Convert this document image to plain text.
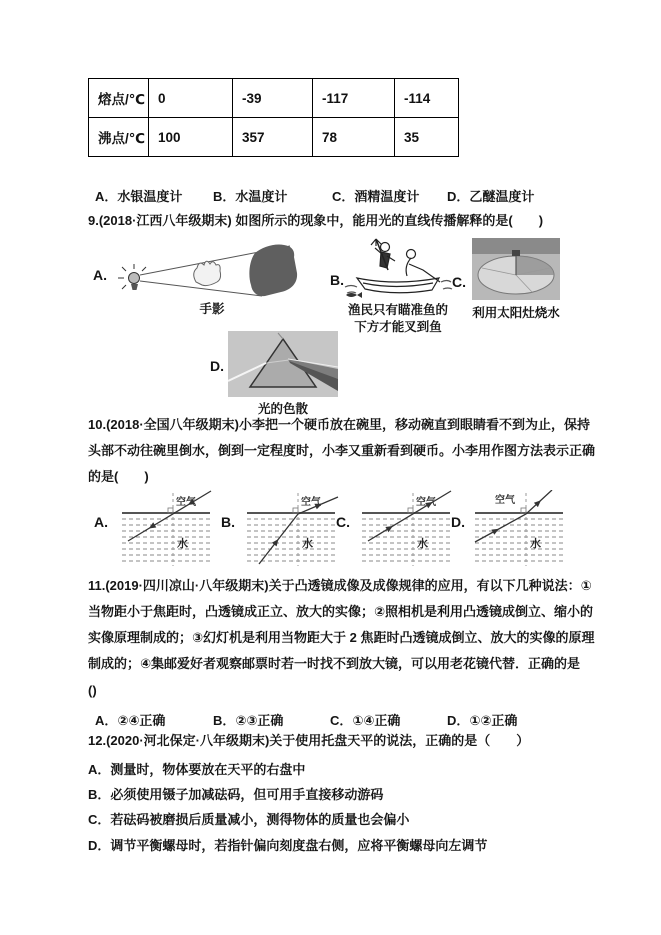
熔点/℃	0	-39	-117	-114
沸点/℃	100	357	78	35
A．水银温度计 B．水温度计	C．酒精温度计 D．乙醚温度计
9.(2018·江西八年级期末) 如图所示的现象中，能用光的直线传播解释的是(　　)
A.
手影
B.
渔民只有瞄准鱼的
下方才能叉到鱼
C.
利用太阳灶烧水
D.
光的色散
10.(2018·全国八年级期末)小李把一个硬币放在碗里，移动碗直到眼睛看不到为止，保持
头部不动往碗里倒水，倒到一定程度时，小李又重新看到硬币。小李用作图方法表示正确
的是(　　)
A.
空气
水
B.
空气
水
C.
空气
水
D.
空气
水
11.(2019·四川凉山·八年级期末)关于凸透镜成像及成像规律的应用，有以下几种说法：①
当物距小于焦距时，凸透镜成正立、放大的实像；②照相机是利用凸透镜成倒立、缩小的
实像原理制成的；③幻灯机是利用当物距大于 2 焦距时凸透镜成倒立、放大的实像的原理
制成的；④集邮爱好者观察邮票时若一时找不到放大镜，可以用老花镜代替．正确的是
()
A．②④正确	B．②③正确	C．①④正确	D．①②正确
12.(2020·河北保定·八年级期末)关于使用托盘天平的说法，正确的是（　　）
A．测量时，物体要放在天平的右盘中
B．必须使用镊子加减砝码，但可用手直接移动游码
C．若砝码被磨损后质量减小，测得物体的质量也会偏小
D．调节平衡螺母时，若指针偏向刻度盘右侧，应将平衡螺母向左调节
